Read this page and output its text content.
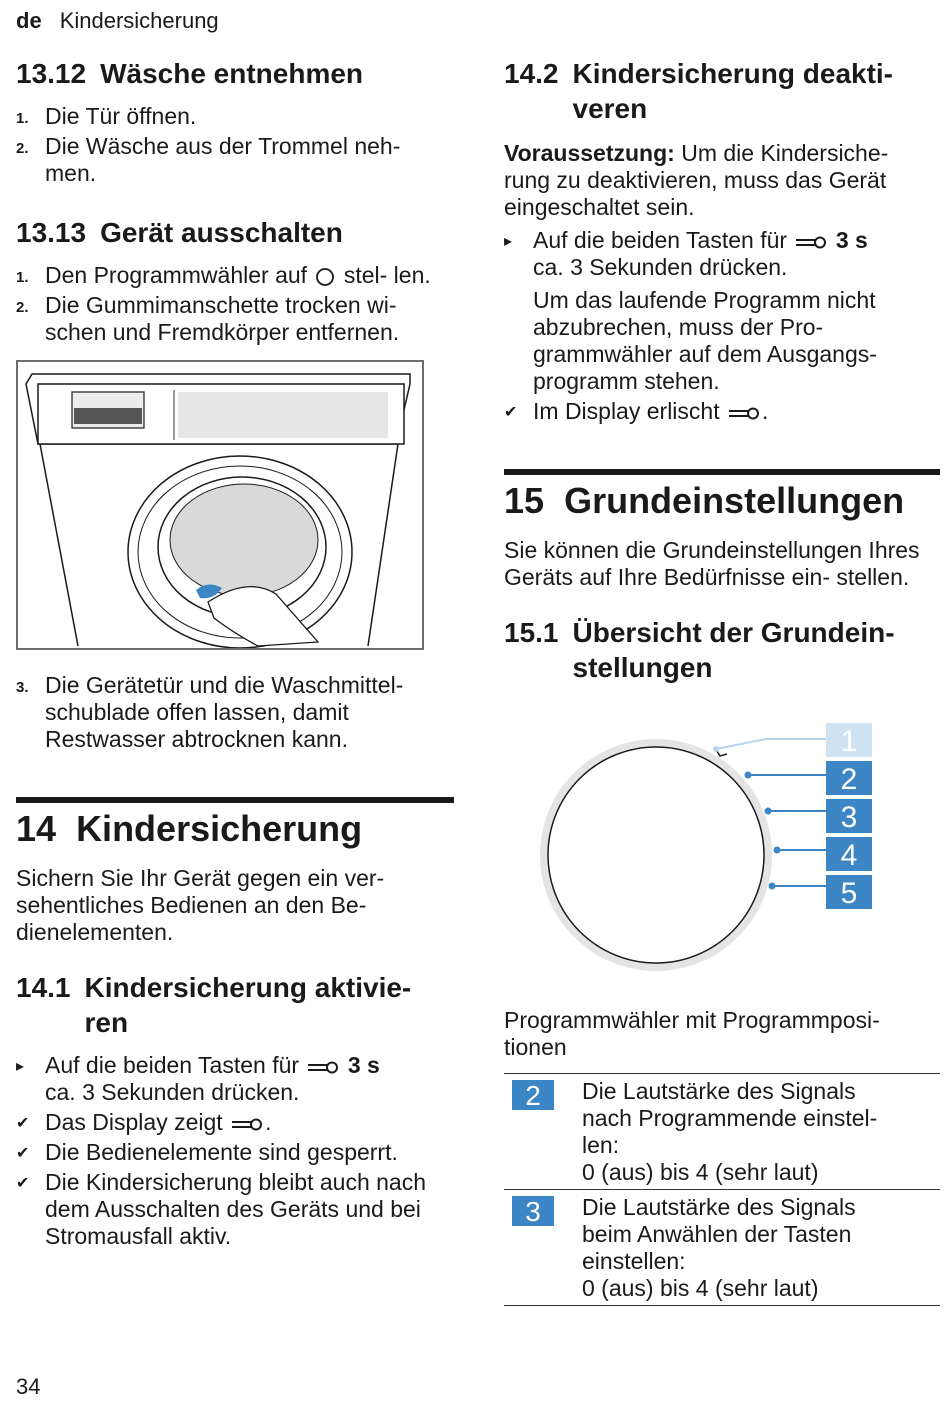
de Kindersicherung
13.12 Wäsche entnehmen
1. Die Tür öffnen.
2. Die Wäsche aus der Trommel neh- men.
13.13 Gerät ausschalten
1. Den Programmwähler auf stel- len.
2. Die Gummimanschette trocken wi- schen und Fremdkörper entfernen.
3. Die Gerätetür und die Waschmittel- schublade offen lassen, damit Restwasser abtrocknen kann.
14 Kindersicherung

Sichern Sie Ihr Gerät gegen ein ver- sehentliches Bedienen an den Be- dienelementen.

14.1 Kindersicherung aktivie- ren
▸ Auf die beiden Tasten für 3 s ca. 3 Sekunden drücken.
✔ Das Display zeigt .
✔ Die Bedienelemente sind gesperrt.
✔ Die Kindersicherung bleibt auch nach dem Ausschalten des Geräts und bei Stromausfall aktiv.
14.2 Kindersicherung deakti- veren

Voraussetzung: Um die Kindersiche- rung zu deaktivieren, muss das Gerät eingeschaltet sein.

▸ Auf die beiden Tasten für 3 s ca. 3 Sekunden drücken.

Um das laufende Programm nicht abzubrechen, muss der Pro- grammwähler auf dem Ausgangs- programm stehen.

✔ Im Display erlischt .
15 Grundeinstellungen

Sie können die Grundeinstellungen Ihres Geräts auf Ihre Bedürfnisse ein- stellen.

15.1 Übersicht der Grundein- stellungen
1
2
3
4
5

Programmwähler mit Programmposi- tionen

2	Die Lautstärke des Signals nach Programmende einstel- len:
0 (aus) bis 4 (sehr laut)

3	Die Lautstärke des Signals beim Anwählen der Tasten einstellen:
0 (aus) bis 4 (sehr laut)
34
